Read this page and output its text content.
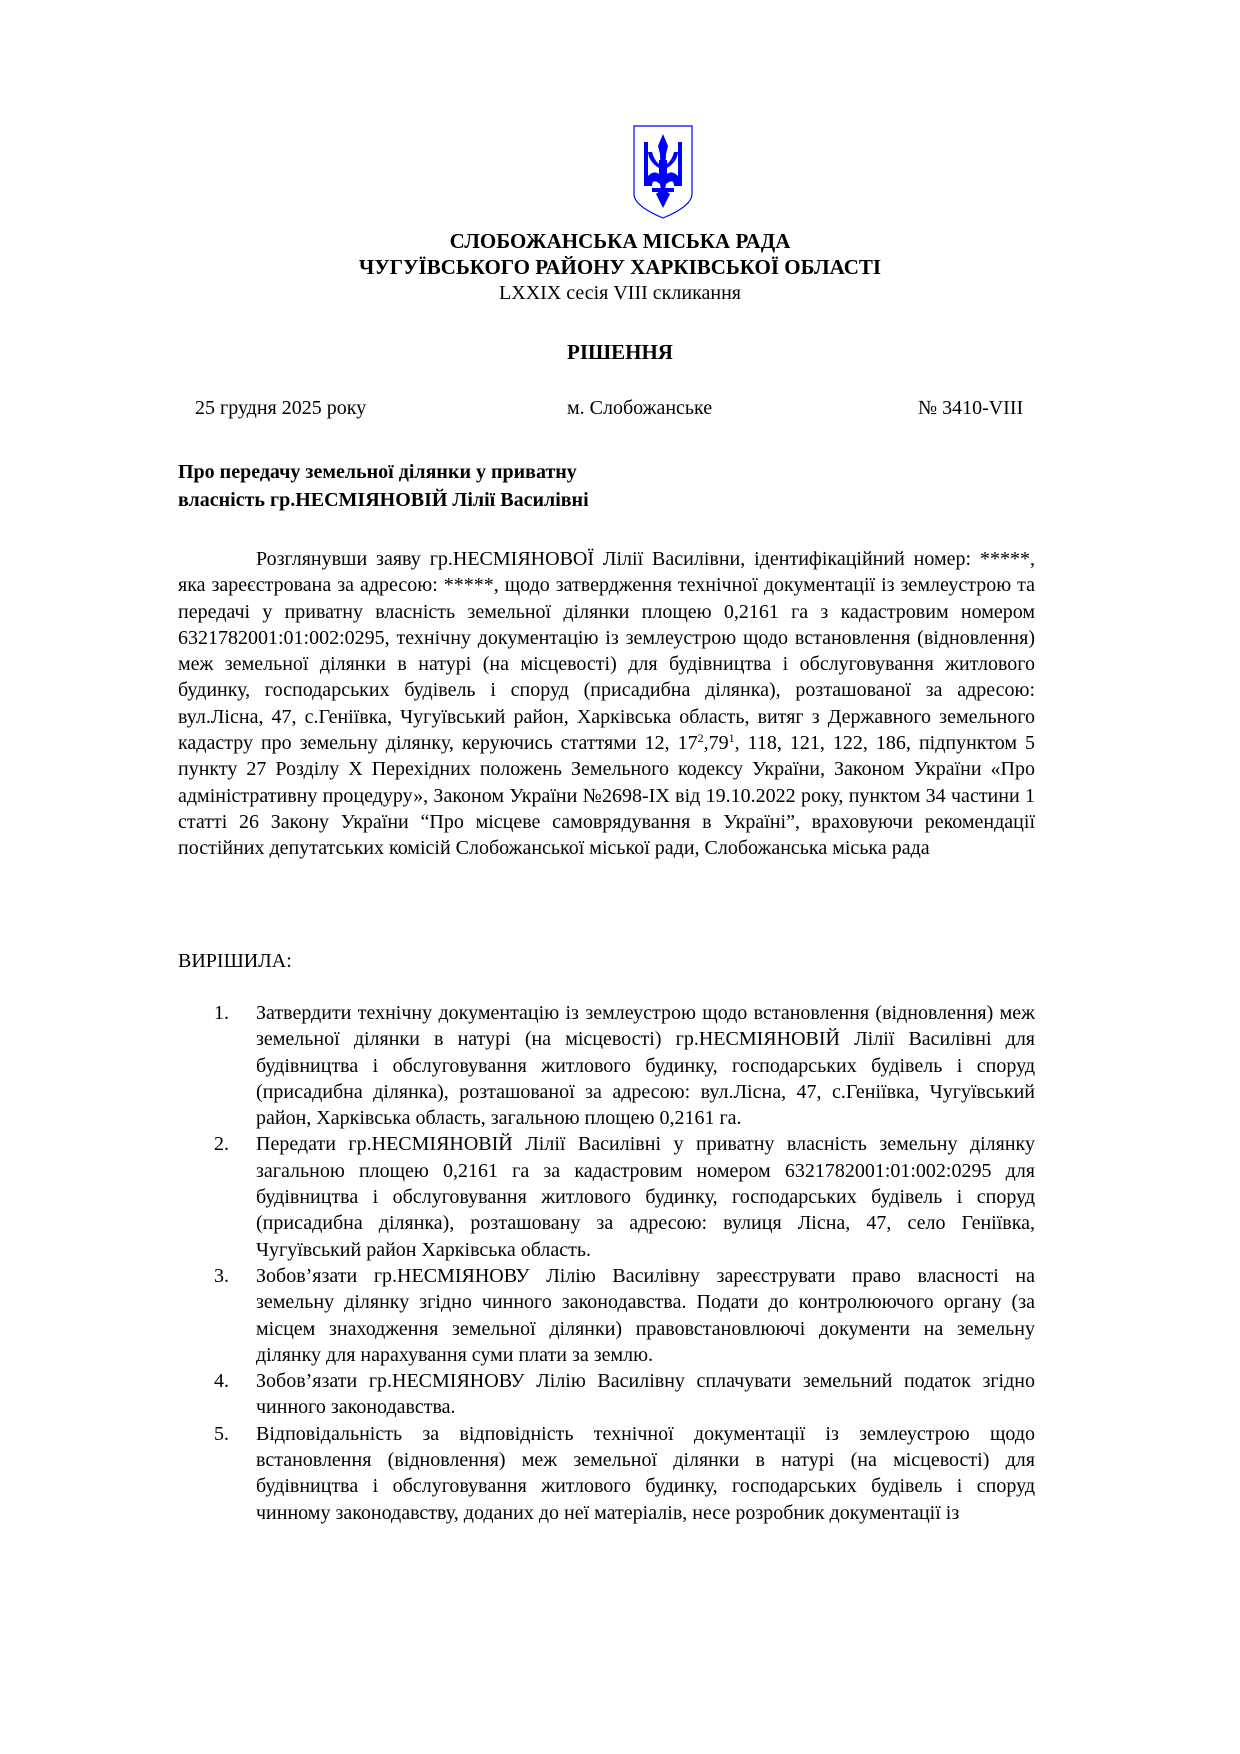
СЛОБОЖАНСЬКА МІСЬКА РАДА
ЧУГУЇВСЬКОГО РАЙОНУ ХАРКІВСЬКОЇ ОБЛАСТІ
LXXIX сесія VIII скликання
РІШЕННЯ
25 грудня 2025 року	м. Слобожанське	№ 3410-VIII
Про передачу земельної ділянки у приватну
власність гр.НЕСМІЯНОВІЙ Лілії Василівні
Розглянувши заяву гр.НЕСМІЯНОВОЇ Лілії Василівни, ідентифікаційний номер: *****, яка зареєстрована за адресою: *****, щодо затвердження технічної документації із землеустрою та передачі у приватну власність земельної ділянки площею 0,2161 га з кадастровим номером 6321782001:01:002:0295, технічну документацію із землеустрою щодо встановлення (відновлення) меж земельної ділянки в натурі (на місцевості) для будівництва і обслуговування житлового будинку, господарських будівель і споруд (присадибна ділянка), розташованої за адресою: вул.Лісна, 47, с.Геніївка, Чугуївський район, Харківська область, витяг з Державного земельного кадастру про земельну ділянку, керуючись статтями 12, $17^2,79^1$, 118, 121, 122, 186, підпунктом 5 пункту 27 Розділу X Перехідних положень Земельного кодексу України, Законом України «Про адміністративну процедуру», Законом України №2698-IX від 19.10.2022 року, пунктом 34 частини 1 статті 26 Закону України “Про місцеве самоврядування в Україні”, враховуючи рекомендації постійних депутатських комісій Слобожанської міської ради, Слобожанська міська рада
ВИРІШИЛА:
1. Затвердити технічну документацію із землеустрою щодо встановлення (відновлення) меж земельної ділянки в натурі (на місцевості) гр.НЕСМІЯНОВІЙ Лілії Василівні для будівництва і обслуговування житлового будинку, господарських будівель і споруд (присадибна ділянка), розташованої за адресою: вул.Лісна, 47, с.Геніївка, Чугуївський район, Харківська область, загальною площею 0,2161 га.
2. Передати гр.НЕСМІЯНОВІЙ Лілії Василівні у приватну власність земельну ділянку загальною площею 0,2161 га за кадастровим номером 6321782001:01:002:0295 для будівництва і обслуговування житлового будинку, господарських будівель і споруд (присадибна ділянка), розташовану за адресою: вулиця Лісна, 47, село Геніївка, Чугуївський район Харківська область.
3. Зобов’язати гр.НЕСМІЯНОВУ Лілію Василівну зареєструвати право власності на земельну ділянку згідно чинного законодавства. Подати до контролюючого органу (за місцем знаходження земельної ділянки) правовстановлюючі документи на земельну ділянку для нарахування суми плати за землю.
4. Зобов’язати гр.НЕСМІЯНОВУ Лілію Василівну сплачувати земельний податок згідно чинного законодавства.
5. Відповідальність за відповідність технічної документації із землеустрою щодо встановлення (відновлення) меж земельної ділянки в натурі (на місцевості) для будівництва і обслуговування житлового будинку, господарських будівель і споруд чинному законодавству, доданих до неї матеріалів, несе розробник документації із
